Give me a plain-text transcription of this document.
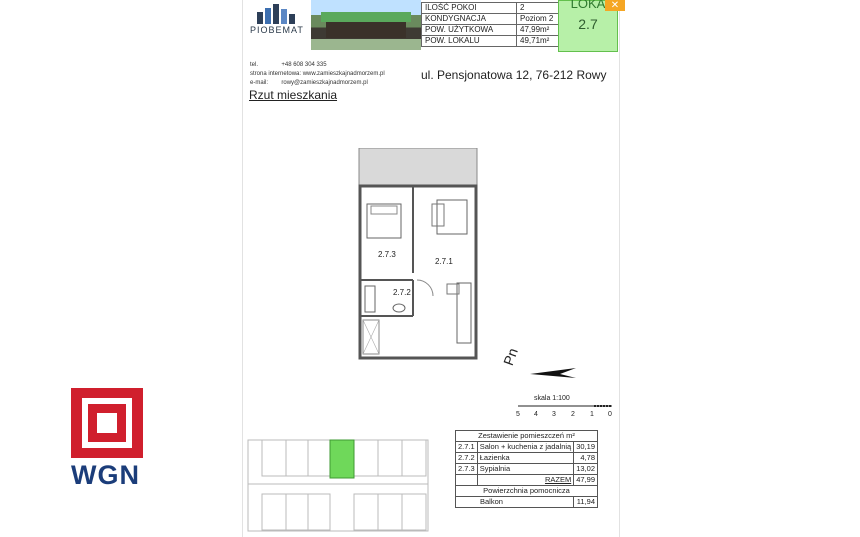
PIOBEMAT
ILOŚĆ POKOI	2
KONDYGNACJA	Poziom 2
POW. UŻYTKOWA	47,99m²
POW. LOKALU	49,71m²
LOKA
2.7
✕
tel.	+48 608 304 335
strona internetowa: www.zamieszkajnadmorzem.pl
e-mail: rowy@zamieszkajnadmorzem.pl
ul. Pensjonatowa 12, 76-212 Rowy
Rzut mieszkania
2.7.3
2.7.1
2.7.2
Pn
skala 1:100
5 4 3 2 1 0
Zestawienie pomieszczeń m²		
2.7.1	Salon + kuchenia z jadalnią	30,19
2.7.2	Łazienka	4,78
2.7.3	Sypialnia	13,02
	RAZEM	47,99
Powierzchnia pomocnicza		
Balkon		11,94
WGN
